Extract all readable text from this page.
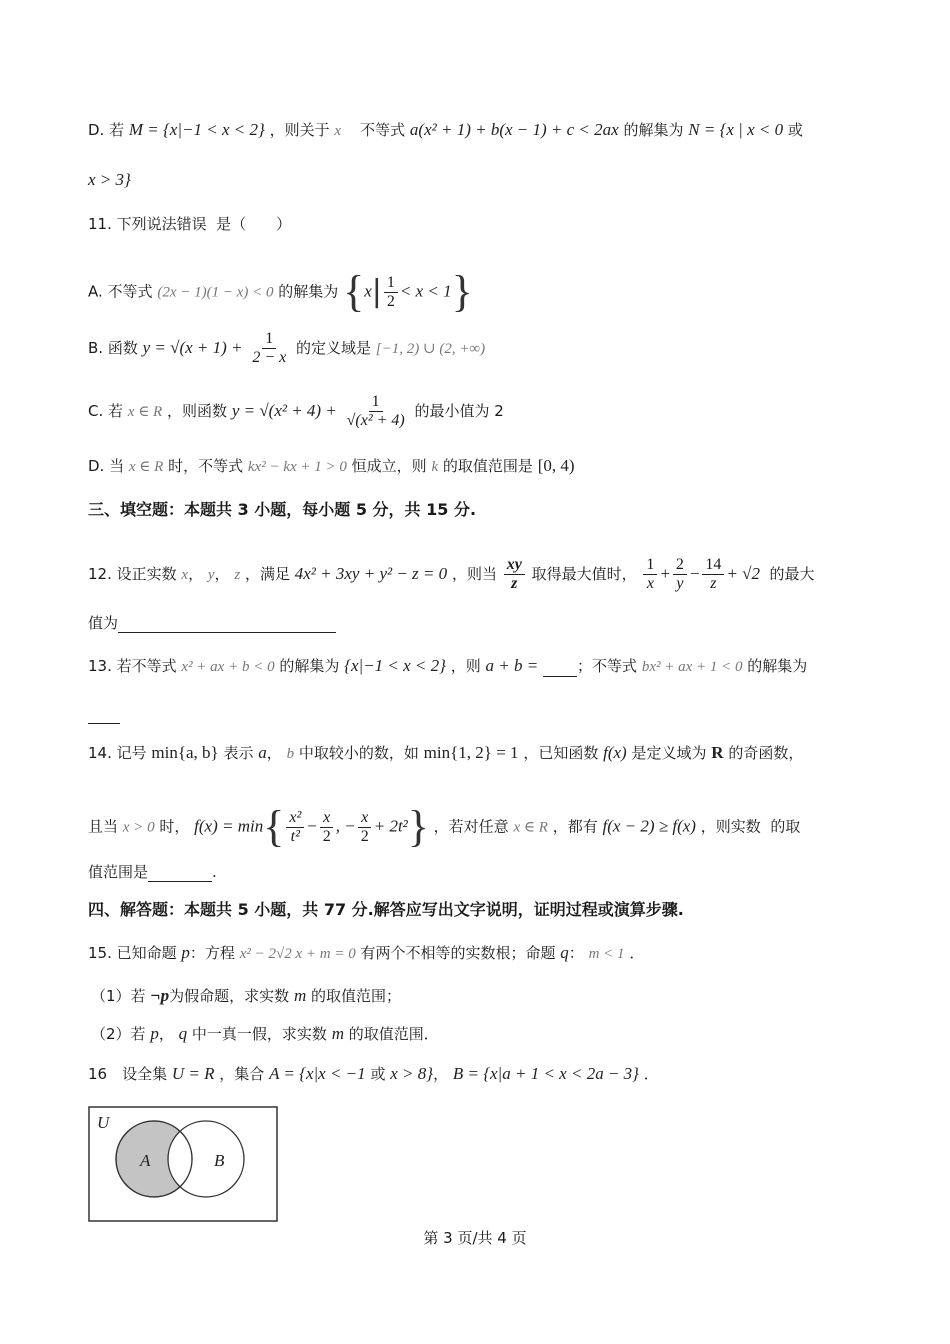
D. 若 M = {x|−1 < x < 2} ，则关于 x 不等式 a(x² + 1) + b(x − 1) + c < 2ax 的解集为 N = {x | x < 0 或
x > 3}
11. 下列说法错误 是（　　）
A. 不等式 (2x − 1)(1 − x) < 0 的解集为 $\{x| \frac{1}{2} < x < 1\}$
B. 函数 $y = √(x + 1) + \frac{1}{2 - x}$ 的定义域是 [−1, 2) ∪ (2, +∞)
C. 若 x ∈ R ，则函数 $y = √(x^2 + 4) + \frac{1}{\text{√(x² + 4)}}$ 的最小值为 2
D. 当 x ∈ R 时，不等式 kx² − kx + 1 > 0 恒成立，则 k 的取值范围是 [0, 4)
三、填空题：本题共 3 小题，每小题 5 分，共 15 分.
12. 设正实数 x， y， z ，满足 4x² + 3xy + y² − z = 0 ，则当 $\frac{xy}{z}$ 取得最大值时， $\frac{1}{x} + \frac{2}{y} - \frac{14}{z} + √2$ 的最大
值为
13. 若不等式 x² + ax + b < 0 的解集为 {x|−1 < x < 2} ，则 a + b =	；不等式 bx² + ax + 1 < 0 的解集为
14. 记号 min{a, b} 表示 a， b 中取较小的数，如 min{1, 2} = 1 ，已知函数 f(x) 是定义域为 R 的奇函数，
且当 x > 0 时， $f(x) = \min\{ \frac{\text{x²}}{\text{t²}} - \frac{x}{2}$ , − $\frac{x}{2} + 2t^2$} ，若对任意 x ∈ R ，都有 f(x − 2) ≥ f(x) ，则实数 的取
值范围是	.
四、解答题：本题共 5 小题，共 77 分.解答应写出文字说明，证明过程或演算步骤.
15. 已知命题 p：方程 x² − 2√2 x + m = 0 有两个不相等的实数根；命题 q： m < 1 ．
（1）若 ¬p为假命题，求实数 m 的取值范围；
（2）若 p， q 中一真一假，求实数 m 的取值范围．
16　设全集 U = R ，集合 A = {x|x < −1 或 x > 8}， B = {x|a + 1 < x < 2a − 3} ．
U
A	B
第 3 页/共 4 页
